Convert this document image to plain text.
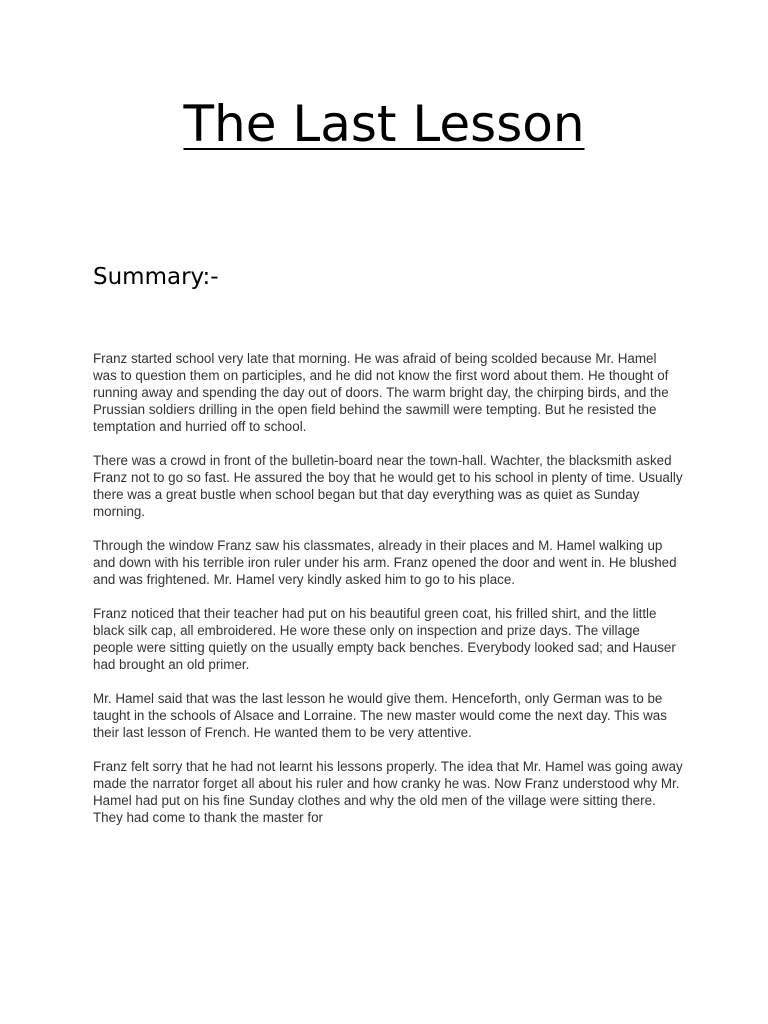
The Last Lesson
Summary:-

Franz started school very late that morning. He was afraid of being scolded because Mr. Hamel was to question them on participles, and he did not know the first word about them. He thought of running away and spending the day out of doors. The warm bright day, the chirping birds, and the Prussian soldiers drilling in the open field behind the sawmill were tempting. But he resisted the temptation and hurried off to school.

There was a crowd in front of the bulletin-board near the town-hall. Wachter, the blacksmith asked Franz not to go so fast. He assured the boy that he would get to his school in plenty of time. Usually there was a great bustle when school began but that day everything was as quiet as Sunday morning.

Through the window Franz saw his classmates, already in their places and M. Hamel walking up and down with his terrible iron ruler under his arm. Franz opened the door and went in. He blushed and was frightened. Mr. Hamel very kindly asked him to go to his place.

Franz noticed that their teacher had put on his beautiful green coat, his frilled shirt, and the little black silk cap, all embroidered. He wore these only on inspection and prize days. The village people were sitting quietly on the usually empty back benches. Everybody looked sad; and Hauser had brought an old primer.

Mr. Hamel said that was the last lesson he would give them. Henceforth, only German was to be taught in the schools of Alsace and Lorraine. The new master would come the next day. This was their last lesson of French. He wanted them to be very attentive.

Franz felt sorry that he had not learnt his lessons properly. The idea that Mr. Hamel was going away made the narrator forget all about his ruler and how cranky he was. Now Franz understood why Mr. Hamel had put on his fine Sunday clothes and why the old men of the village were sitting there. They had come to thank the master for
